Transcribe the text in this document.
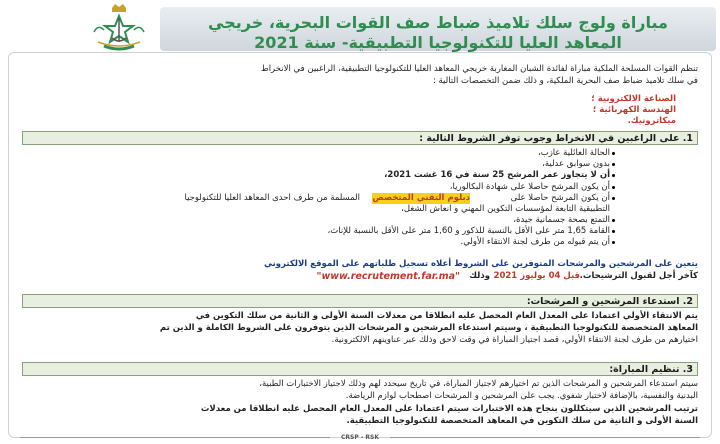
مباراة ولوج سلك تلاميذ ضباط صف القوات البحرية، خريجي
المعاهد العليا للتكنولوجيا التطبيقية- سنة 2021
تنظم القوات المسلحة الملكية مباراة لفائدة الشبان المغاربة خريجي المعاهد العليا للتكنولوجيا التطبيقية، الراغبين في الانخراط
في سلك تلاميذ ضباط صف البحرية الملكية، و ذلك ضمن التخصصات التالية :
الصناعة الالكترونية ؛
الهندسة الكهربائية ؛
ميكاترونيك.
1. على الراغبين في الانخراط وجوب توفر الشروط التالية :
الحالة العائلية عازب،
بدون سوابق عدلية،
أن لا يتجاوز عمر المرشح 25 سنة في 16 غشت 2021،
أن يكون المرشح حاصلا على شهادة البكالوريا،
أن يكون المرشح حاصلا على
دبلوم التقني المتخصص
المسلمة من طرف احدى المعاهد العليا للتكنولوجيا
التطبيقية التابعة لمؤسسات التكوين المهني و انعاش الشغل،
التمتع بصحة جسمانية جيدة،
القامة 1,65 متر على الأقل بالنسبة للذكور و 1,60 متر على الأقل بالنسبة للإناث،
أن يتم قبوله من طرف لجنة الانتقاء الأولي.
يتعين على المرشحين والمرشحات المتوفرين على الشروط أعلاه تسجيل طلباتهم على الموقع الالكتروني
كآخر أجل لقبول الترشيحات.
قبل 04 يوليوز 2021
وذلك
"www.recrutement.far.ma"
2. استدعاء المرشحين و المرشحات:
يتم الانتقاء الأولي اعتمادا على المعدل العام المحصل عليه انطلاقا من معدلات السنة الأولى و الثانية من سلك التكوين في
المعاهد المتخصصة للتكنولوجيا التطبيقية ، وسيتم استدعاء المرشحين و المرشحات الذين يتوفرون على الشروط الكاملة و الذين تم
اختيارهم من طرف لجنة الانتقاء الأولي، قصد اجتياز المباراة في وقت لاحق وذلك عبر عناوينهم الالكترونية.
3. تنظيم المباراة:
سيتم استدعاء المرشحين و المرشحات الذين تم اختيارهم لاجتياز المباراة، في تاريخ سيحدد لهم وذلك لاجتياز الاختبارات الطبية،
البدنية والنفسية، بالإضافة لاختبار شفوي. يجب على المرشحين و المرشحات اصطحاب لوازم الرياضة.
ترتيب المرشحين الذين سيتكللون بنجاح هذه الاختبارات سيتم اعتمادا على المعدل العام المحصل عليه انطلاقا من معدلات
السنة الأولى و الثانية من سلك التكوين في المعاهد المتخصصة للتكنولوجيا التطبيقية.
CRSP - RSK
